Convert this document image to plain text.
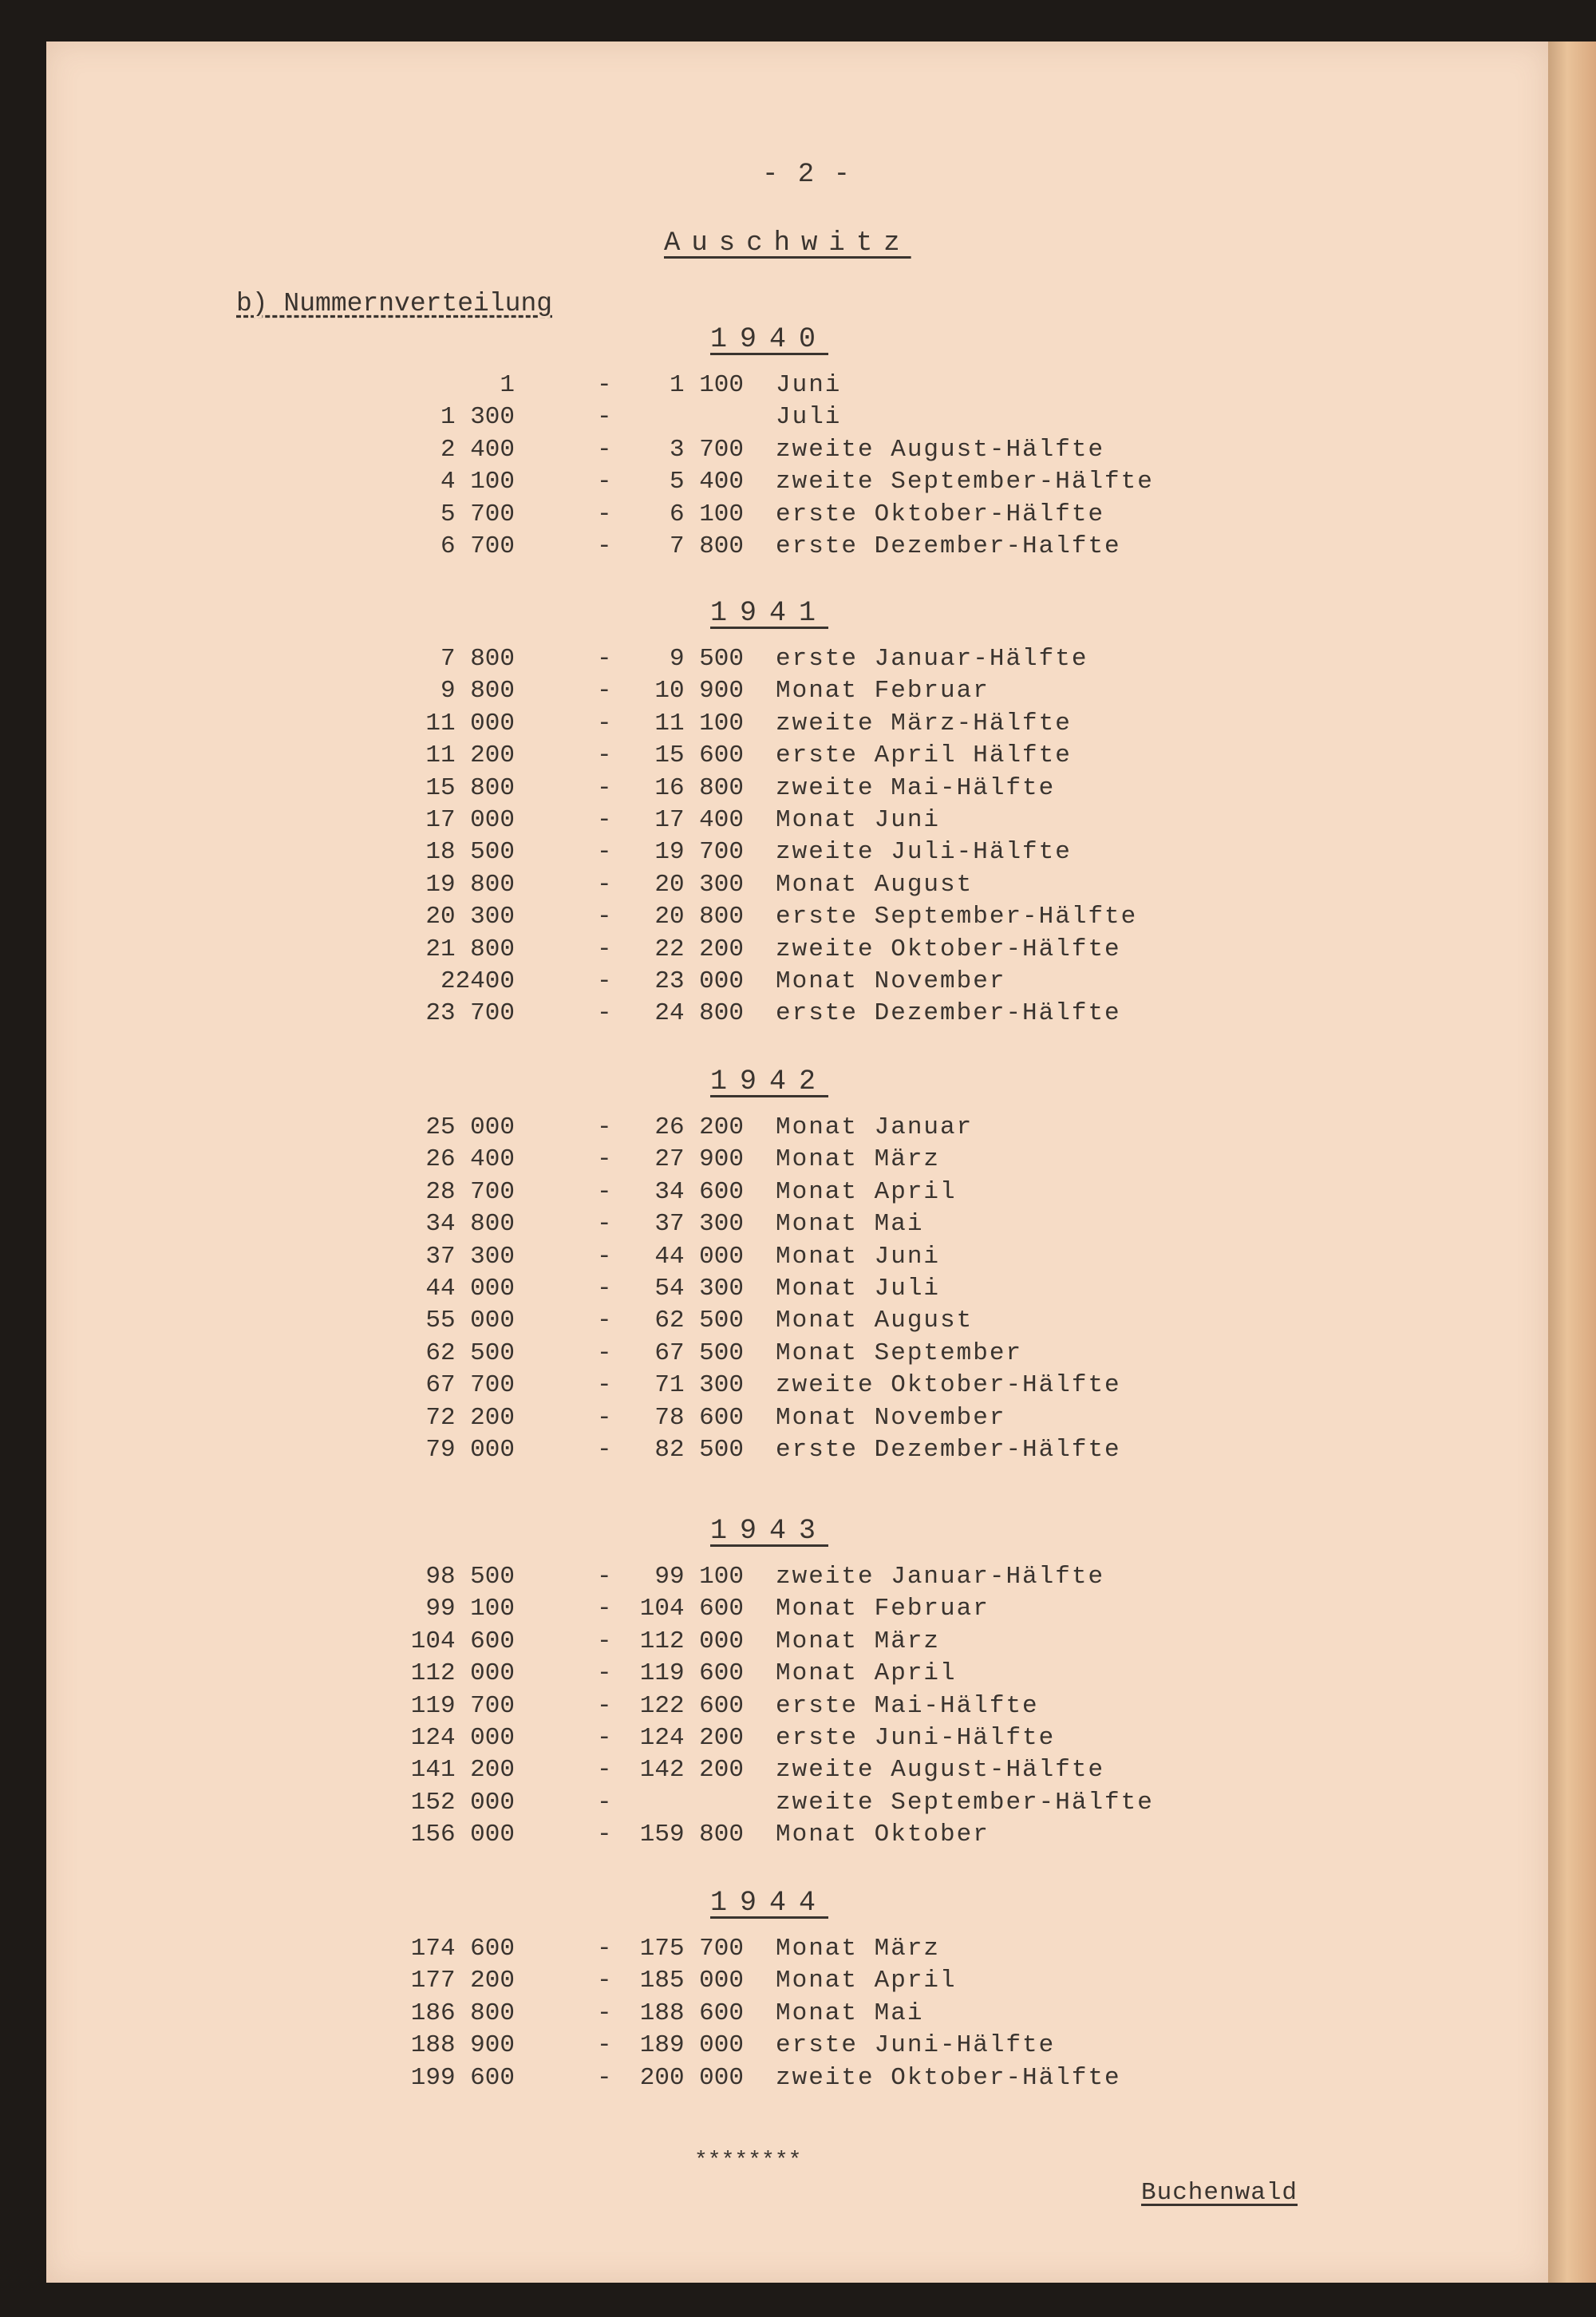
- 2 -
Auschwitz
b) Nummernverteilung
1940
1	- 1 100 Juni
1 300	-	Juli
2 400	- 3 700 zweite August-Hälfte
4 100	- 5 400 zweite September-Hälfte
5 700	- 6 100 erste Oktober-Hälfte
6 700	- 7 800 erste Dezember-Halfte
1941
7 800	- 9 500 erste Januar-Hälfte
9 800	- 10 900 Monat Februar
11 000	- 11 100 zweite März-Hälfte
11 200	- 15 600 erste April Hälfte
15 800	- 16 800 zweite Mai-Hälfte
17 000	- 17 400 Monat Juni
18 500	- 19 700 zweite Juli-Hälfte
19 800	- 20 300 Monat August
20 300	- 20 800 erste September-Hälfte
21 800	- 22 200 zweite Oktober-Hälfte
22400	- 23 000 Monat November
23 700	- 24 800 erste Dezember-Hälfte
1942
25 000	- 26 200 Monat Januar
26 400	- 27 900 Monat März
28 700	- 34 600 Monat April
34 800	- 37 300 Monat Mai
37 300	- 44 000 Monat Juni
44 000	- 54 300 Monat Juli
55 000	- 62 500 Monat August
62 500	- 67 500 Monat September
67 700	- 71 300 zweite Oktober-Hälfte
72 200	- 78 600 Monat November
79 000	- 82 500 erste Dezember-Hälfte
1943
98 500	- 99 100 zweite Januar-Hälfte
99 100	- 104 600 Monat Februar
104 600	- 112 000 Monat März
112 000	- 119 600 Monat April
119 700	- 122 600 erste Mai-Hälfte
124 000	- 124 200 erste Juni-Hälfte
141 200	- 142 200 zweite August-Hälfte
152 000	-	zweite September-Hälfte
156 000	- 159 800 Monat Oktober
1944
174 600	- 175 700 Monat März
177 200	- 185 000 Monat April
186 800	- 188 600 Monat Mai
188 900	- 189 000 erste Juni-Hälfte
199 600	- 200 000 zweite Oktober-Hälfte
********
Buchenwald
